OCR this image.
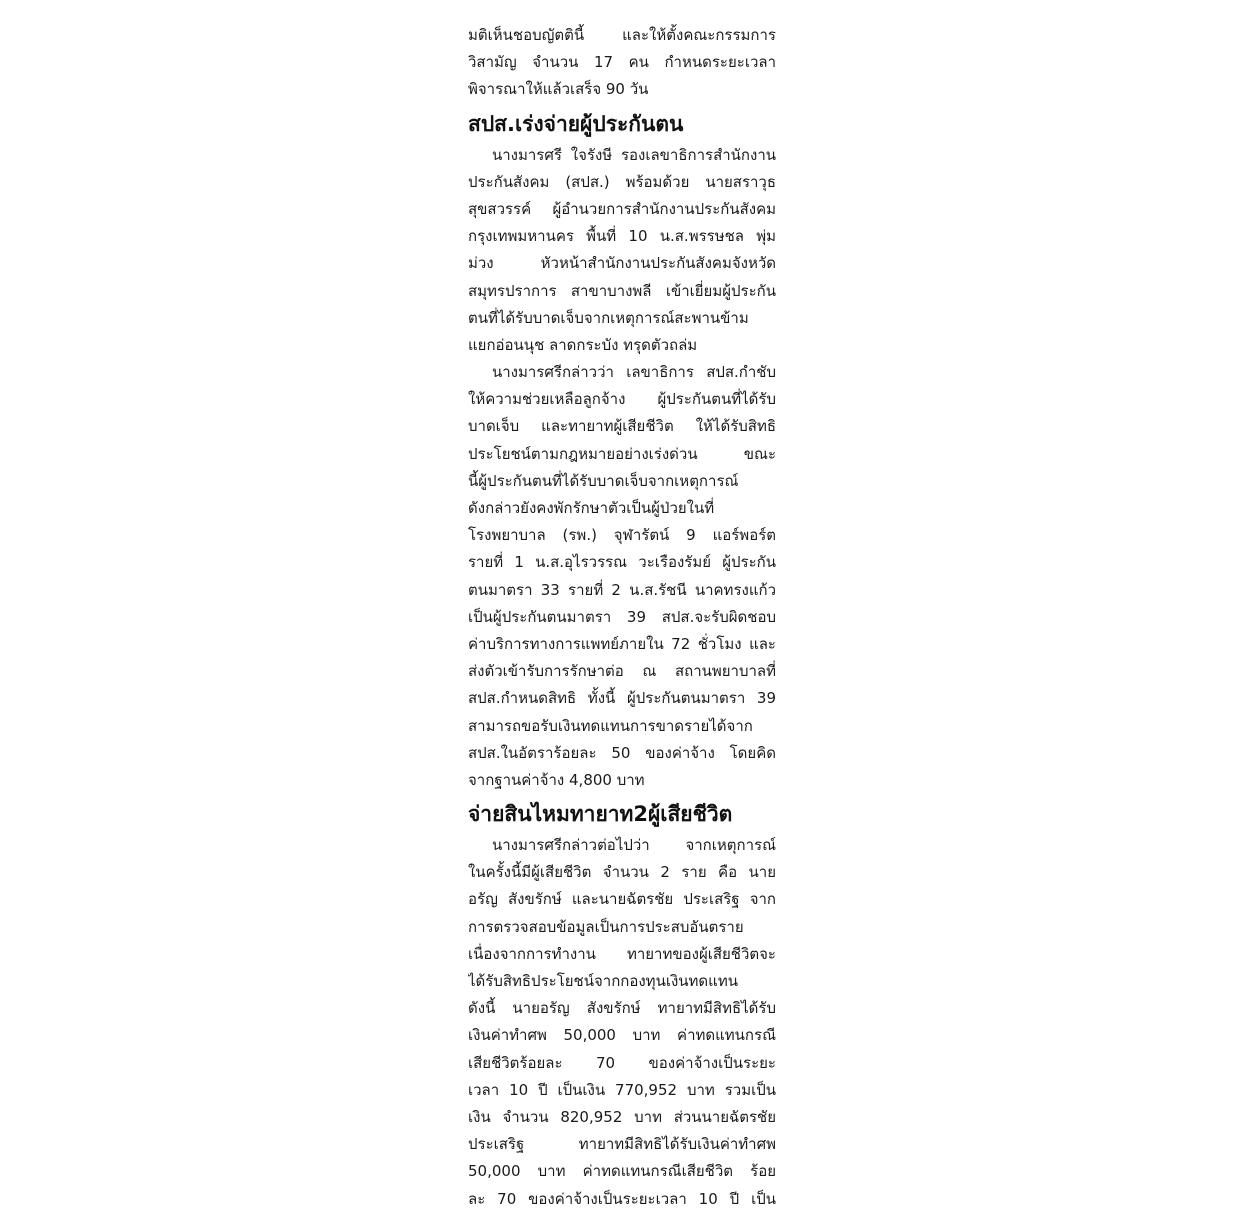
มติเห็นชอบญัตตินี้ และให้ตั้งคณะกรรมการ
วิสามัญ จำนวน 17 คน กำหนดระยะเวลา
พิจารณาให้แล้วเสร็จ 90 วัน
สปส.เร่งจ่ายผู้ประกันตน
นางมารศรี ใจรังษี รองเลขาธิการสำนักงาน
ประกันสังคม (สปส.) พร้อมด้วย นายสราวุธ
สุขสวรรค์ ผู้อำนวยการสำนักงานประกันสังคม
กรุงเทพมหานคร พื้นที่ 10 น.ส.พรรษชล พุ่ม
ม่วง หัวหน้าสำนักงานประกันสังคมจังหวัด
สมุทรปราการ สาขาบางพลี เข้าเยี่ยมผู้ประกัน
ตนที่ได้รับบาดเจ็บจากเหตุการณ์สะพานข้าม
แยกอ่อนนุช ลาดกระบัง ทรุดตัวถล่ม
นางมารศรีกล่าวว่า เลขาธิการ สปส.กำชับ
ให้ความช่วยเหลือลูกจ้าง ผู้ประกันตนที่ได้รับ
บาดเจ็บ และทายาทผู้เสียชีวิต ให้ได้รับสิทธิ
ประโยชน์ตามกฎหมายอย่างเร่งด่วน ขณะ
นี้ผู้ประกันตนที่ได้รับบาดเจ็บจากเหตุการณ์
ดังกล่าวยังคงพักรักษาตัวเป็นผู้ป่วยในที่
โรงพยาบาล (รพ.) จุฬารัตน์ 9 แอร์พอร์ต
รายที่ 1 น.ส.อุไรวรรณ วะเรืองรัมย์ ผู้ประกัน
ตนมาตรา 33 รายที่ 2 น.ส.รัชนี นาคทรงแก้ว
เป็นผู้ประกันตนมาตรา 39 สปส.จะรับผิดชอบ
ค่าบริการทางการแพทย์ภายใน 72 ชั่วโมง และ
ส่งตัวเข้ารับการรักษาต่อ ณ สถานพยาบาลที่
สปส.กำหนดสิทธิ ทั้งนี้ ผู้ประกันตนมาตรา 39
สามารถขอรับเงินทดแทนการขาดรายได้จาก
สปส.ในอัตราร้อยละ 50 ของค่าจ้าง โดยคิด
จากฐานค่าจ้าง 4,800 บาท
จ่ายสินไหมทายาท2ผู้เสียชีวิต
นางมารศรีกล่าวต่อไปว่า จากเหตุการณ์
ในครั้งนี้มีผู้เสียชีวิต จำนวน 2 ราย คือ นาย
อรัญ สังขรักษ์ และนายฉัตรชัย ประเสริฐ จาก
การตรวจสอบข้อมูลเป็นการประสบอันตราย
เนื่องจากการทำงาน ทายาทของผู้เสียชีวิตจะ
ได้รับสิทธิประโยชน์จากกองทุนเงินทดแทน
ดังนี้ นายอรัญ สังขรักษ์ ทายาทมีสิทธิได้รับ
เงินค่าทำศพ 50,000 บาท ค่าทดแทนกรณี
เสียชีวิตร้อยละ 70 ของค่าจ้างเป็นระยะ
เวลา 10 ปี เป็นเงิน 770,952 บาท รวมเป็น
เงิน จำนวน 820,952 บาท ส่วนนายฉัตรชัย
ประเสริฐ ทายาทมีสิทธิได้รับเงินค่าทำศพ
50,000 บาท ค่าทดแทนกรณีเสียชีวิต ร้อย
ละ 70 ของค่าจ้างเป็นระยะเวลา 10 ปี เป็น
